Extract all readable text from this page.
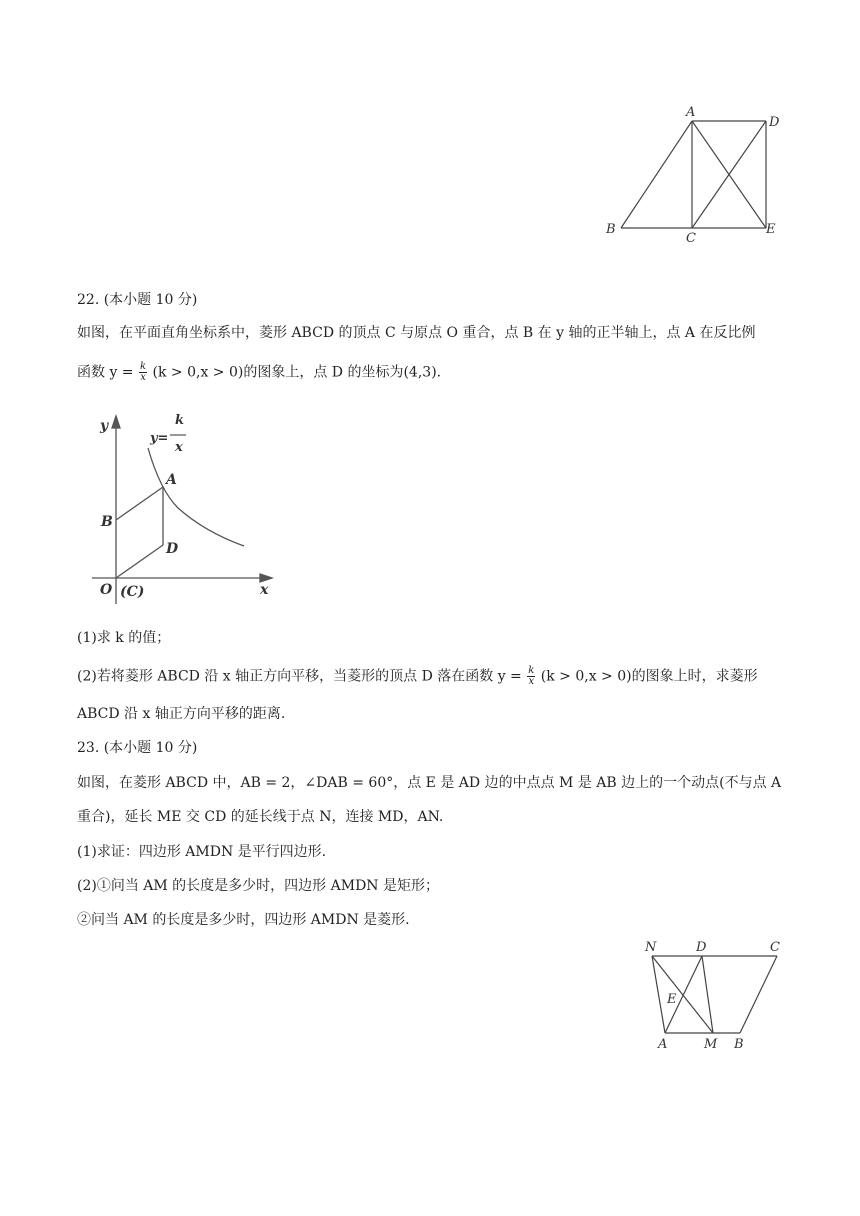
A
D
B
C
E
22. (本小题 10 分)
如图，在平面直角坐标系中，菱形 ABCD 的顶点 C 与原点 O 重合，点 B 在 y 轴的正半轴上，点 A 在反比例
函数 $y = \frac{k}{x} (k > 0,x > 0)$的图象上，点 D 的坐标为(4,3).
y
y=
k
x
A
B
D
O (C)	x
(1)求 k 的值；
(2)若将菱形 ABCD 沿 x 轴正方向平移，当菱形的顶点 D 落在函数 $y = \frac{k}{x} (k > 0,x > 0)$的图象上时，求菱形
ABCD 沿 x 轴正方向平移的距离.
23. (本小题 10 分)
如图，在菱形 ABCD 中，AB = 2，∠DAB = 60°，点 E 是 AD 边的中点点 M 是 AB 边上的一个动点(不与点 A
重合)，延长 ME 交 CD 的延长线于点 N，连接 MD，AN.
(1)求证：四边形 AMDN 是平行四边形.
(2)①问当 AM 的长度是多少时，四边形 AMDN 是矩形；
②问当 AM 的长度是多少时，四边形 AMDN 是菱形.
N	D	C
E
A	M B
